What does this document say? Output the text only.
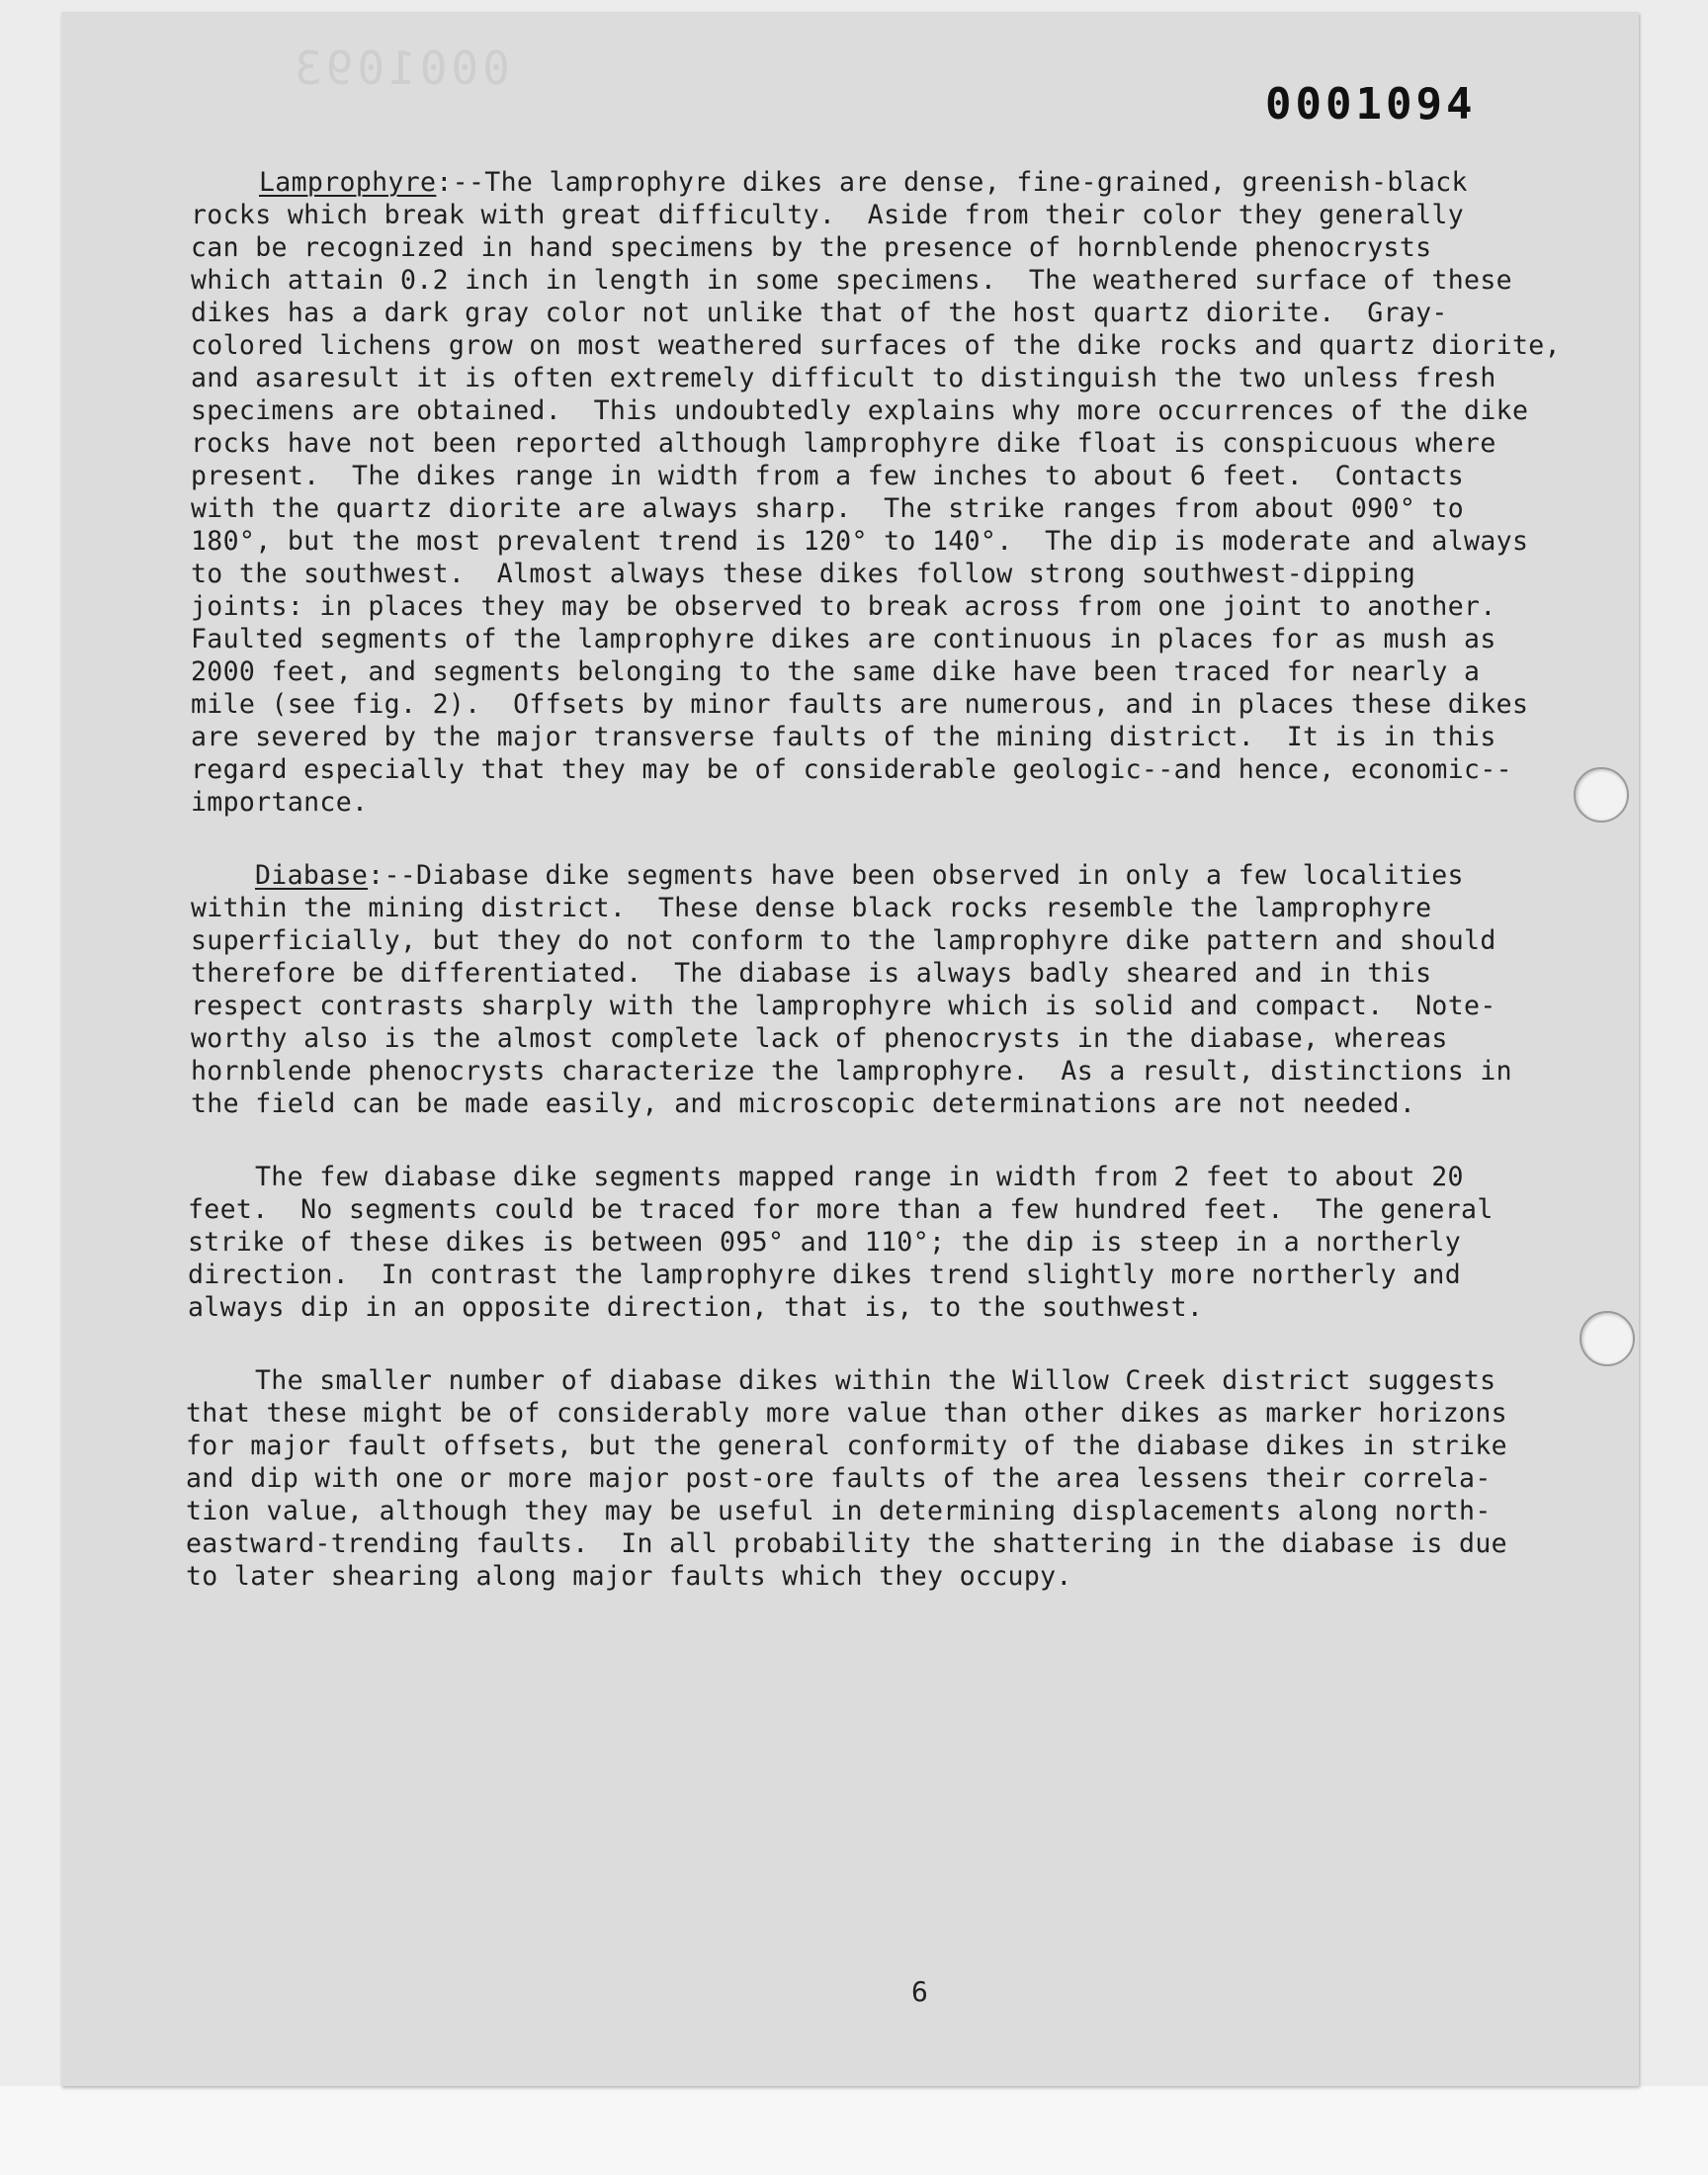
0001093
0001094
Lamprophyre:--The lamprophyre dikes are dense, fine-grained, greenish-black
rocks which break with great difficulty.  Aside from their color they generally
can be recognized in hand specimens by the presence of hornblende phenocrysts
which attain 0.2 inch in length in some specimens.  The weathered surface of these
dikes has a dark gray color not unlike that of the host quartz diorite.  Gray-
colored lichens grow on most weathered surfaces of the dike rocks and quartz diorite,
and asaresult it is often extremely difficult to distinguish the two unless fresh
specimens are obtained.  This undoubtedly explains why more occurrences of the dike
rocks have not been reported although lamprophyre dike float is conspicuous where
present.  The dikes range in width from a few inches to about 6 feet.  Contacts
with the quartz diorite are always sharp.  The strike ranges from about 090° to
180°, but the most prevalent trend is 120° to 140°.  The dip is moderate and always
to the southwest.  Almost always these dikes follow strong southwest-dipping
joints: in places they may be observed to break across from one joint to another.
Faulted segments of the lamprophyre dikes are continuous in places for as mush as
2000 feet, and segments belonging to the same dike have been traced for nearly a
mile (see fig. 2).  Offsets by minor faults are numerous, and in places these dikes
are severed by the major transverse faults of the mining district.  It is in this
regard especially that they may be of considerable geologic--and hence, economic--
importance.
Diabase:--Diabase dike segments have been observed in only a few localities
within the mining district.  These dense black rocks resemble the lamprophyre
superficially, but they do not conform to the lamprophyre dike pattern and should
therefore be differentiated.  The diabase is always badly sheared and in this
respect contrasts sharply with the lamprophyre which is solid and compact.  Note-
worthy also is the almost complete lack of phenocrysts in the diabase, whereas
hornblende phenocrysts characterize the lamprophyre.  As a result, distinctions in
the field can be made easily, and microscopic determinations are not needed.
The few diabase dike segments mapped range in width from 2 feet to about 20
feet.  No segments could be traced for more than a few hundred feet.  The general
strike of these dikes is between 095° and 110°; the dip is steep in a northerly
direction.  In contrast the lamprophyre dikes trend slightly more northerly and
always dip in an opposite direction, that is, to the southwest.
The smaller number of diabase dikes within the Willow Creek district suggests
that these might be of considerably more value than other dikes as marker horizons
for major fault offsets, but the general conformity of the diabase dikes in strike
and dip with one or more major post-ore faults of the area lessens their correla-
tion value, although they may be useful in determining displacements along north-
eastward-trending faults.  In all probability the shattering in the diabase is due
to later shearing along major faults which they occupy.
6
